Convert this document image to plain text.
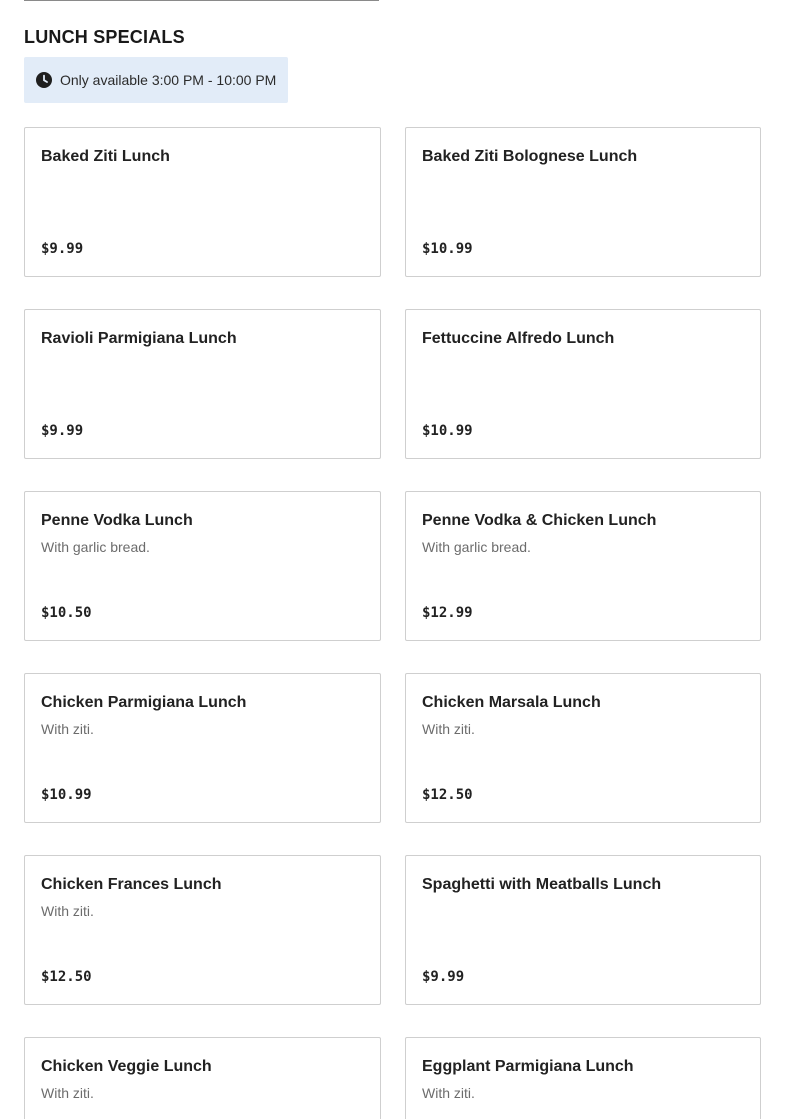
LUNCH SPECIALS
Only available 3:00 PM - 10:00 PM
Baked Ziti Lunch
$9.99
Baked Ziti Bolognese Lunch
$10.99
Ravioli Parmigiana Lunch
$9.99
Fettuccine Alfredo Lunch
$10.99
Penne Vodka Lunch
With garlic bread.
$10.50
Penne Vodka & Chicken Lunch
With garlic bread.
$12.99
Chicken Parmigiana Lunch
With ziti.
$10.99
Chicken Marsala Lunch
With ziti.
$12.50
Chicken Frances Lunch
With ziti.
$12.50
Spaghetti with Meatballs Lunch
$9.99
Chicken Veggie Lunch
With ziti.
Eggplant Parmigiana Lunch
With ziti.
